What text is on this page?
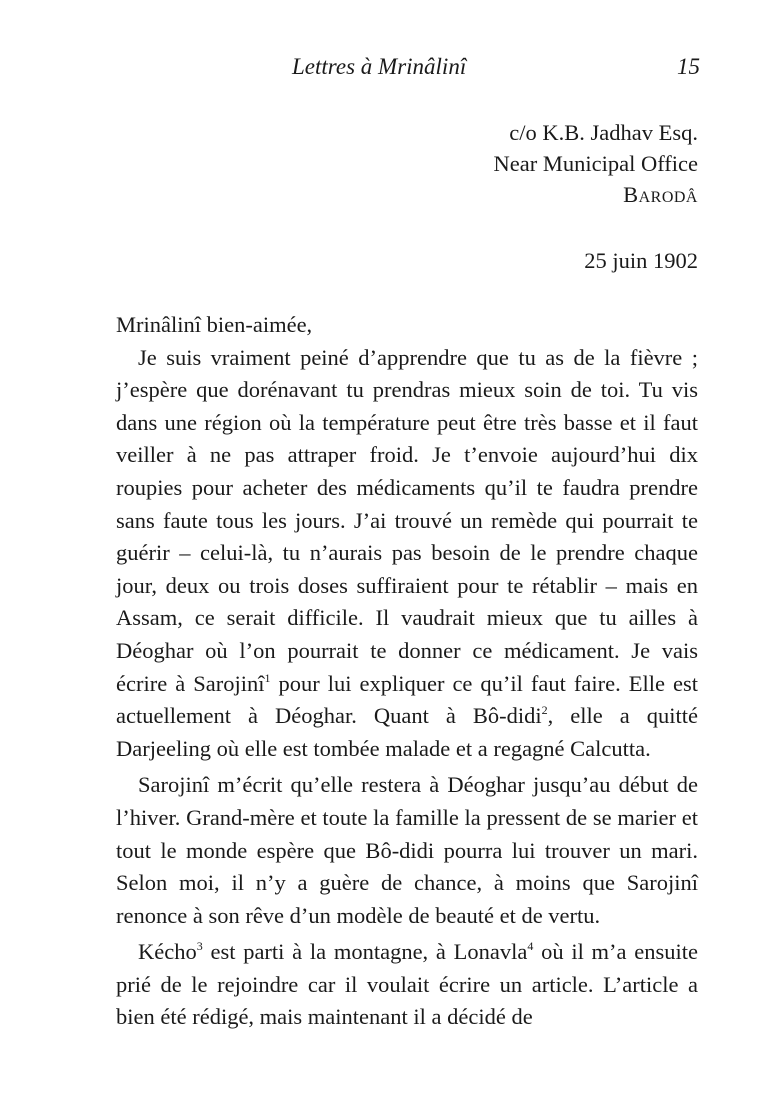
Lettres à Mrinâlinî	15
c/o K.B. Jadhav Esq.
Near Municipal Office
Barodâ
25 juin 1902

Mrinâlinî bien-aimée,

Je suis vraiment peiné d’apprendre que tu as de la fièvre ; j’espère que dorénavant tu prendras mieux soin de toi. Tu vis dans une région où la température peut être très basse et il faut veiller à ne pas attraper froid. Je t’envoie aujourd’hui dix roupies pour acheter des médicaments qu’il te faudra prendre sans faute tous les jours. J’ai trouvé un remède qui pourrait te guérir – celui-là, tu n’aurais pas besoin de le prendre chaque jour, deux ou trois doses suffiraient pour te rétablir – mais en Assam, ce serait difficile. Il vaudrait mieux que tu ailles à Déoghar où l’on pourrait te donner ce médicament. Je vais écrire à Sarojinî$^1$ pour lui expliquer ce qu’il faut faire. Elle est actuellement à Déoghar. Quant à Bô-didi$^2$, elle a quitté Darjeeling où elle est tombée malade et a regagné Calcutta.

Sarojinî m’écrit qu’elle restera à Déoghar jusqu’au début de l’hiver. Grand-mère et toute la famille la pressent de se marier et tout le monde espère que Bô-didi pourra lui trouver un mari. Selon moi, il n’y a guère de chance, à moins que Sarojinî renonce à son rêve d’un modèle de beauté et de vertu.

Kécho$^3$ est parti à la montagne, à Lonavla$^4$ où il m’a ensuite prié de le rejoindre car il voulait écrire un article. L’article a bien été rédigé, mais maintenant il a décidé de
